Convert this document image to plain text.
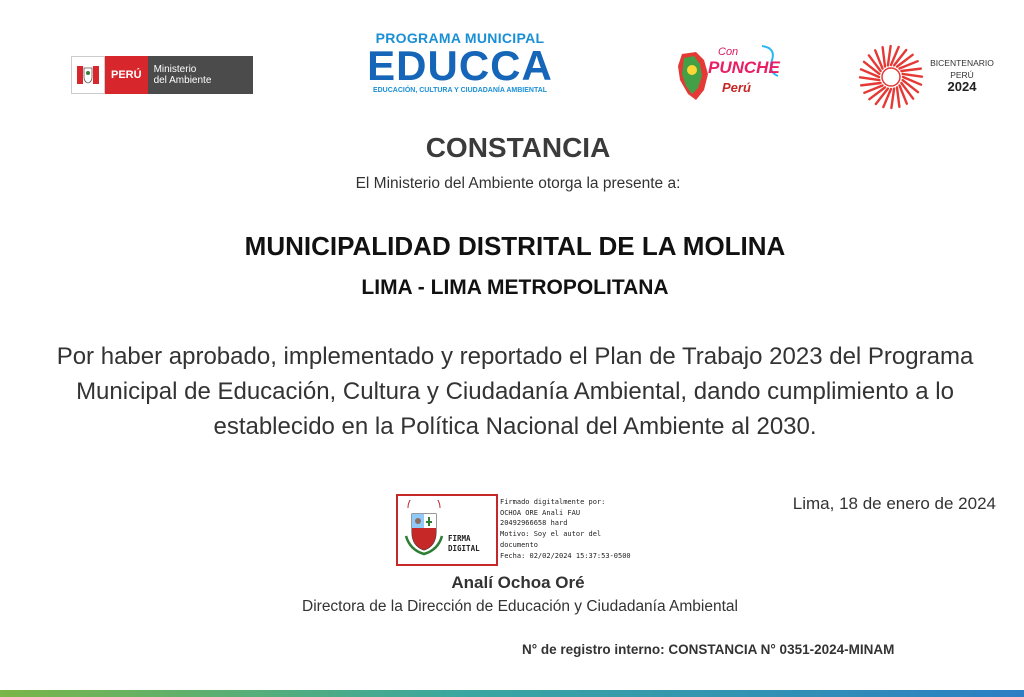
PERÚ	Ministerio
del Ambiente
PROGRAMA MUNICIPAL
EDUCCA
EDUCACIÓN, CULTURA Y CIUDADANÍA AMBIENTAL
Con
PUNCHE
Perú
BICENTENARIO
PERÚ
2024
CONSTANCIA
El Ministerio del Ambiente otorga la presente a:
MUNICIPALIDAD DISTRITAL DE LA MOLINA
LIMA - LIMA METROPOLITANA
Por haber aprobado, implementado y reportado el Plan de Trabajo 2023 del Programa Municipal de Educación, Cultura y Ciudadanía Ambiental, dando cumplimiento a lo establecido en la Política Nacional del Ambiente al 2030.
Lima, 18 de enero de 2024
FIRMA
DIGITAL
Firmado digitalmente por:
OCHOA ORE Anali FAU
20492966658 hard
Motivo: Soy el autor del
documento
Fecha: 02/02/2024 15:37:53-0500
Analí Ochoa Oré
Directora de la Dirección de Educación y Ciudadanía Ambiental
N° de registro interno: CONSTANCIA N° 0351-2024-MINAM
